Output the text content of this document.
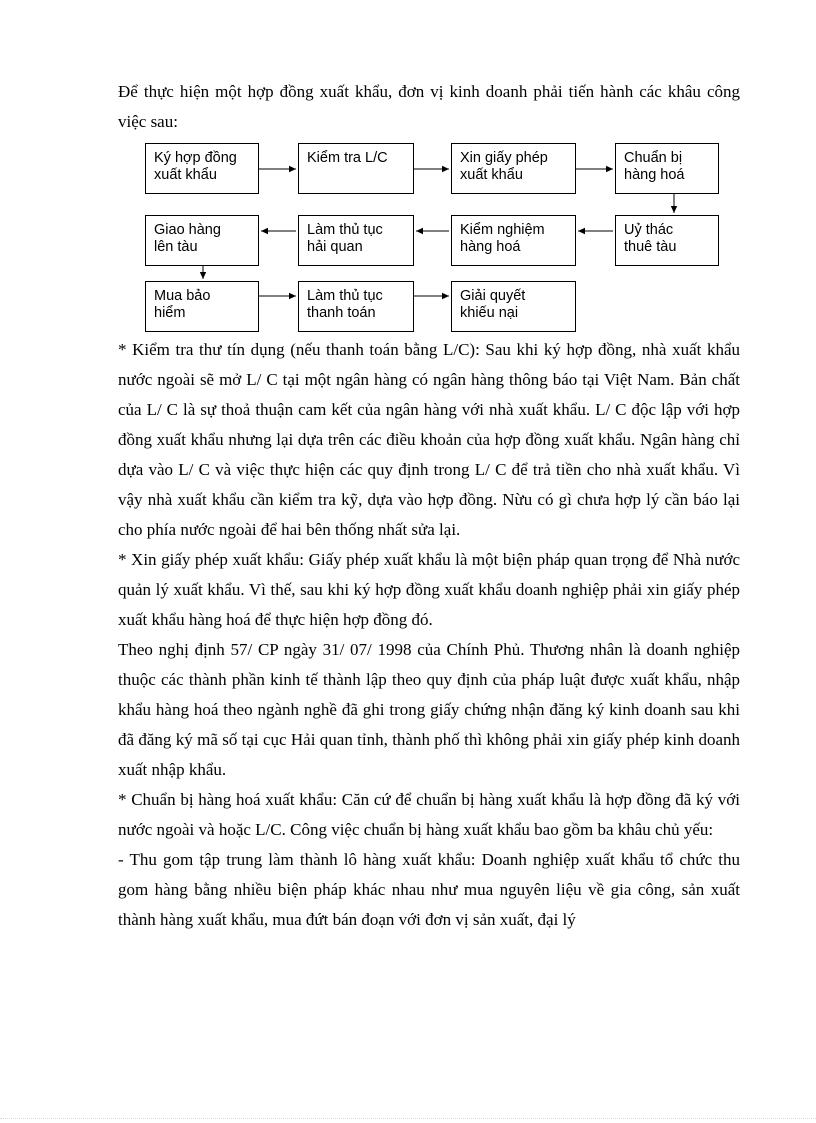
Để thực hiện một hợp đồng xuất khẩu, đơn vị kinh doanh phải tiến hành các khâu công việc sau:

Ký hợp đồng
xuất khẩu
Kiểm tra L/C	Xin giấy phép
xuất khẩu
Chuẩn bị
hàng hoá
Giao hàng
lên tàu
Làm thủ tục
hải quan
Kiểm nghiệm
hàng hoá
Uỷ thác
thuê tàu
Mua bảo
hiểm
Làm thủ tục
thanh toán
Giải quyết
khiếu nại

* Kiểm tra thư tín dụng (nếu thanh toán bằng L/C): Sau khi ký hợp đồng, nhà xuất khẩu nước ngoài sẽ mở L/ C tại một ngân hàng có ngân hàng thông báo tại Việt Nam. Bản chất của L/ C là sự thoả thuận cam kết của ngân hàng với nhà xuất khẩu. L/ C độc lập với hợp đồng xuất khẩu nhưng lại dựa trên các điều khoản của hợp đồng xuất khẩu. Ngân hàng chỉ dựa vào L/ C và việc thực hiện các quy định trong L/ C để trả tiền cho nhà xuất khẩu. Vì vậy nhà xuất khẩu cần kiểm tra kỹ, dựa vào hợp đồng. Nừu có gì chưa hợp lý cần báo lại cho phía nước ngoài để hai bên thống nhất sửa lại.

* Xin giấy phép xuất khẩu: Giấy phép xuất khẩu là một biện pháp quan trọng để Nhà nước quản lý xuất khẩu. Vì thế, sau khi ký hợp đồng xuất khẩu doanh nghiệp phải xin giấy phép xuất khẩu hàng hoá để thực hiện hợp đồng đó.

Theo nghị định 57/ CP ngày 31/ 07/ 1998 của Chính Phủ. Thương nhân là doanh nghiệp thuộc các thành phần kinh tế thành lập theo quy định của pháp luật được xuất khẩu, nhập khẩu hàng hoá theo ngành nghề đã ghi trong giấy chứng nhận đăng ký kinh doanh sau khi đã đăng ký mã số tại cục Hải quan tỉnh, thành phố thì không phải xin giấy phép kinh doanh xuất nhập khẩu.

* Chuẩn bị hàng hoá xuất khẩu: Căn cứ để chuẩn bị hàng xuất khẩu là hợp đồng đã ký với nước ngoài và hoặc L/C. Công việc chuẩn bị hàng xuất khẩu bao gồm ba khâu chủ yếu:

- Thu gom tập trung làm thành lô hàng xuất khẩu: Doanh nghiệp xuất khẩu tổ chức thu gom hàng bằng nhiều biện pháp khác nhau như mua nguyên liệu về gia công, sản xuất thành hàng xuất khẩu, mua đứt bán đoạn với đơn vị sản xuất, đại lý
